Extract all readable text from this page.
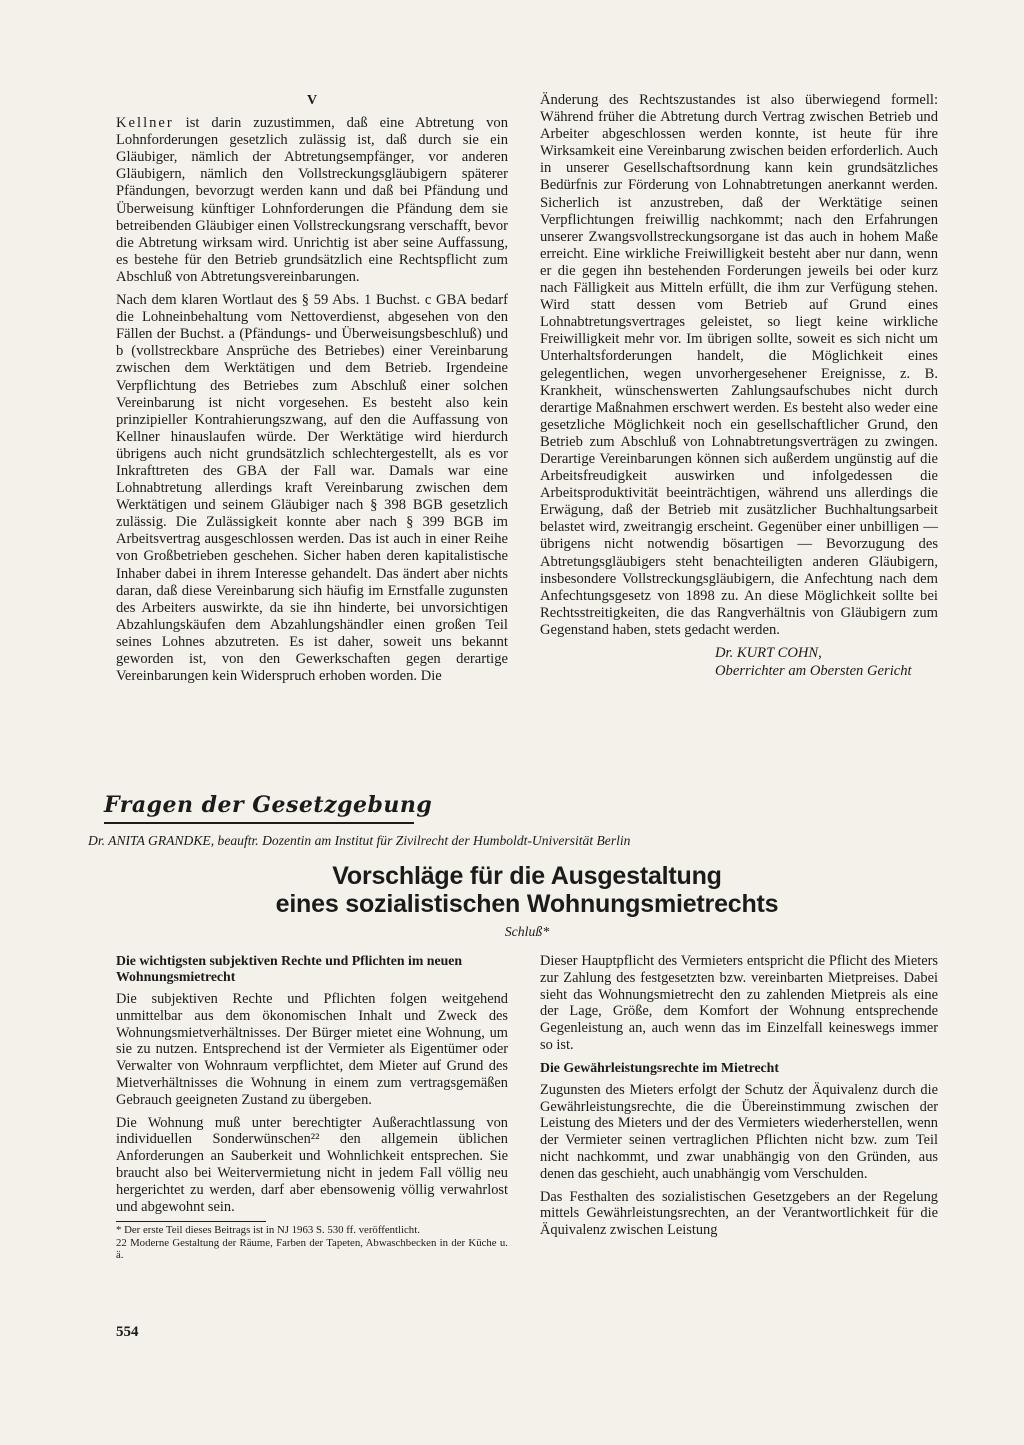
V

Kellner ist darin zuzustimmen, daß eine Abtretung von Lohnforderungen gesetzlich zulässig ist, daß durch sie ein Gläubiger, nämlich der Abtretungsempfänger, vor anderen Gläubigern, nämlich den Vollstreckungsgläubigern späterer Pfändungen, bevorzugt werden kann und daß bei Pfändung und Überweisung künftiger Lohnforderungen die Pfändung dem sie betreibenden Gläubiger einen Vollstreckungsrang verschafft, bevor die Abtretung wirksam wird. Unrichtig ist aber seine Auffassung, es bestehe für den Betrieb grundsätzlich eine Rechtspflicht zum Abschluß von Abtretungsvereinbarungen.

Nach dem klaren Wortlaut des § 59 Abs. 1 Buchst. c GBA bedarf die Lohneinbehaltung vom Nettoverdienst, abgesehen von den Fällen der Buchst. a (Pfändungs- und Überweisungsbeschluß) und b (vollstreckbare Ansprüche des Betriebes) einer Vereinbarung zwischen dem Werktätigen und dem Betrieb. Irgendeine Verpflichtung des Betriebes zum Abschluß einer solchen Vereinbarung ist nicht vorgesehen. Es besteht also kein prinzipieller Kontrahierungszwang, auf den die Auffassung von Kellner hinauslaufen würde. Der Werktätige wird hierdurch übrigens auch nicht grundsätzlich schlechtergestellt, als es vor Inkrafttreten des GBA der Fall war. Damals war eine Lohnabtretung allerdings kraft Vereinbarung zwischen dem Werktätigen und seinem Gläubiger nach § 398 BGB gesetzlich zulässig. Die Zulässigkeit konnte aber nach § 399 BGB im Arbeitsvertrag ausgeschlossen werden. Das ist auch in einer Reihe von Großbetrieben geschehen. Sicher haben deren kapitalistische Inhaber dabei in ihrem Interesse gehandelt. Das ändert aber nichts daran, daß diese Vereinbarung sich häufig im Ernstfalle zugunsten des Arbeiters auswirkte, da sie ihn hinderte, bei unvorsichtigen Abzahlungskäufen dem Abzahlungshändler einen großen Teil seines Lohnes abzutreten. Es ist daher, soweit uns bekannt geworden ist, von den Gewerkschaften gegen derartige Vereinbarungen kein Widerspruch erhoben worden. Die

Änderung des Rechtszustandes ist also überwiegend formell: Während früher die Abtretung durch Vertrag zwischen Betrieb und Arbeiter abgeschlossen werden konnte, ist heute für ihre Wirksamkeit eine Vereinbarung zwischen beiden erforderlich. Auch in unserer Gesellschaftsordnung kann kein grundsätzliches Bedürfnis zur Förderung von Lohnabtretungen anerkannt werden. Sicherlich ist anzustreben, daß der Werktätige seinen Verpflichtungen freiwillig nachkommt; nach den Erfahrungen unserer Zwangsvollstreckungsorgane ist das auch in hohem Maße erreicht. Eine wirkliche Freiwilligkeit besteht aber nur dann, wenn er die gegen ihn bestehenden Forderungen jeweils bei oder kurz nach Fälligkeit aus Mitteln erfüllt, die ihm zur Verfügung stehen. Wird statt dessen vom Betrieb auf Grund eines Lohnabtretungsvertrages geleistet, so liegt keine wirkliche Freiwilligkeit mehr vor. Im übrigen sollte, soweit es sich nicht um Unterhaltsforderungen handelt, die Möglichkeit eines gelegentlichen, wegen unvorhergesehener Ereignisse, z. B. Krankheit, wünschenswerten Zahlungsaufschubes nicht durch derartige Maßnahmen erschwert werden. Es besteht also weder eine gesetzliche Möglichkeit noch ein gesellschaftlicher Grund, den Betrieb zum Abschluß von Lohnabtretungsverträgen zu zwingen. Derartige Vereinbarungen können sich außerdem ungünstig auf die Arbeitsfreudigkeit auswirken und infolgedessen die Arbeitsproduktivität beeinträchtigen, während uns allerdings die Erwägung, daß der Betrieb mit zusätzlicher Buchhaltungsarbeit belastet wird, zweitrangig erscheint. Gegenüber einer unbilligen — übrigens nicht notwendig bösartigen — Bevorzugung des Abtretungsgläubigers steht benachteiligten anderen Gläubigern, insbesondere Vollstreckungsgläubigern, die Anfechtung nach dem Anfechtungsgesetz von 1898 zu. An diese Möglichkeit sollte bei Rechtsstreitigkeiten, die das Rangverhältnis von Gläubigern zum Gegenstand haben, stets gedacht werden.

Dr. KURT COHN,
Oberrichter am Obersten Gericht
Fragen der Gesetzgebung
Dr. ANITA GRANDKE, beauftr. Dozentin am Institut für Zivilrecht der Humboldt-Universität Berlin
Vorschläge für die Ausgestaltung
eines sozialistischen Wohnungsmietrechts
Schluß*

Die wichtigsten subjektiven Rechte und Pflichten im neuen Wohnungsmietrecht

Die subjektiven Rechte und Pflichten folgen weitgehend unmittelbar aus dem ökonomischen Inhalt und Zweck des Wohnungsmietverhältnisses. Der Bürger mietet eine Wohnung, um sie zu nutzen. Entsprechend ist der Vermieter als Eigentümer oder Verwalter von Wohnraum verpflichtet, dem Mieter auf Grund des Mietverhältnisses die Wohnung in einem zum vertragsgemäßen Gebrauch geeigneten Zustand zu übergeben.

Die Wohnung muß unter berechtigter Außerachtlassung von individuellen Sonderwünschen²² den allgemein üblichen Anforderungen an Sauberkeit und Wohnlichkeit entsprechen. Sie braucht also bei Weitervermietung nicht in jedem Fall völlig neu hergerichtet zu werden, darf aber ebensowenig völlig verwahrlost und abgewohnt sein.

* Der erste Teil dieses Beitrags ist in NJ 1963 S. 530 ff. veröffentlicht.

22 Moderne Gestaltung der Räume, Farben der Tapeten, Abwaschbecken in der Küche u. ä.

Dieser Hauptpflicht des Vermieters entspricht die Pflicht des Mieters zur Zahlung des festgesetzten bzw. vereinbarten Mietpreises. Dabei sieht das Wohnungsmietrecht den zu zahlenden Mietpreis als eine der Lage, Größe, dem Komfort der Wohnung entsprechende Gegenleistung an, auch wenn das im Einzelfall keineswegs immer so ist.

Die Gewährleistungsrechte im Mietrecht

Zugunsten des Mieters erfolgt der Schutz der Äquivalenz durch die Gewährleistungsrechte, die die Übereinstimmung zwischen der Leistung des Mieters und der des Vermieters wiederherstellen, wenn der Vermieter seinen vertraglichen Pflichten nicht bzw. zum Teil nicht nachkommt, und zwar unabhängig von den Gründen, aus denen das geschieht, auch unabhängig vom Verschulden.

Das Festhalten des sozialistischen Gesetzgebers an der Regelung mittels Gewährleistungsrechten, an der Verantwortlichkeit für die Äquivalenz zwischen Leistung

554
